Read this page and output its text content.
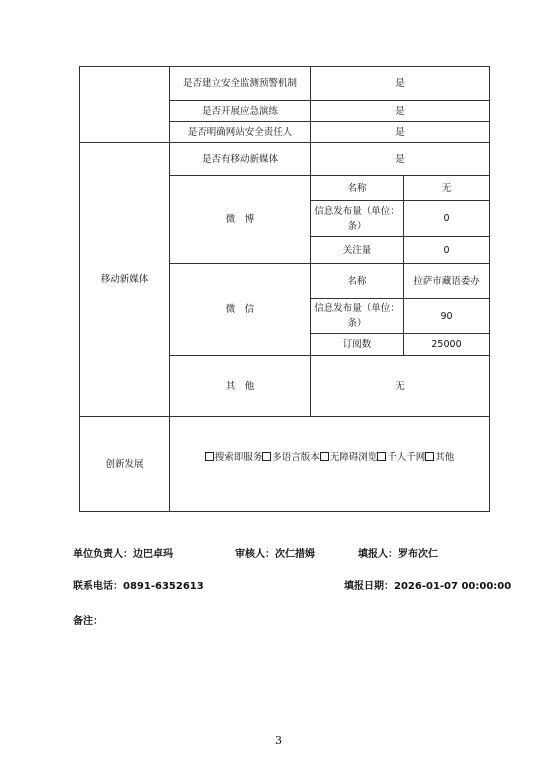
	是否建立安全监测预警机制	是	
	是否开展应急演练	是	
	是否明确网站安全责任人	是	
移动新媒体	是否有移动新媒体	是	
	微　博	名称	无
		信息发布量（单位：条）	0
		关注量	0
	微　信	名称	拉萨市藏语委办
		信息发布量（单位：条）	90
		订阅数	25000
	其　他	无	
创新发展	搜索即服务 多语言版本 无障碍浏览 千人千网 其他		
单位负责人：边巴卓玛	审核人：次仁措姆	填报人：罗布次仁
联系电话：0891-6352613	填报日期：2026-01-07 00:00:00
备注：
3
